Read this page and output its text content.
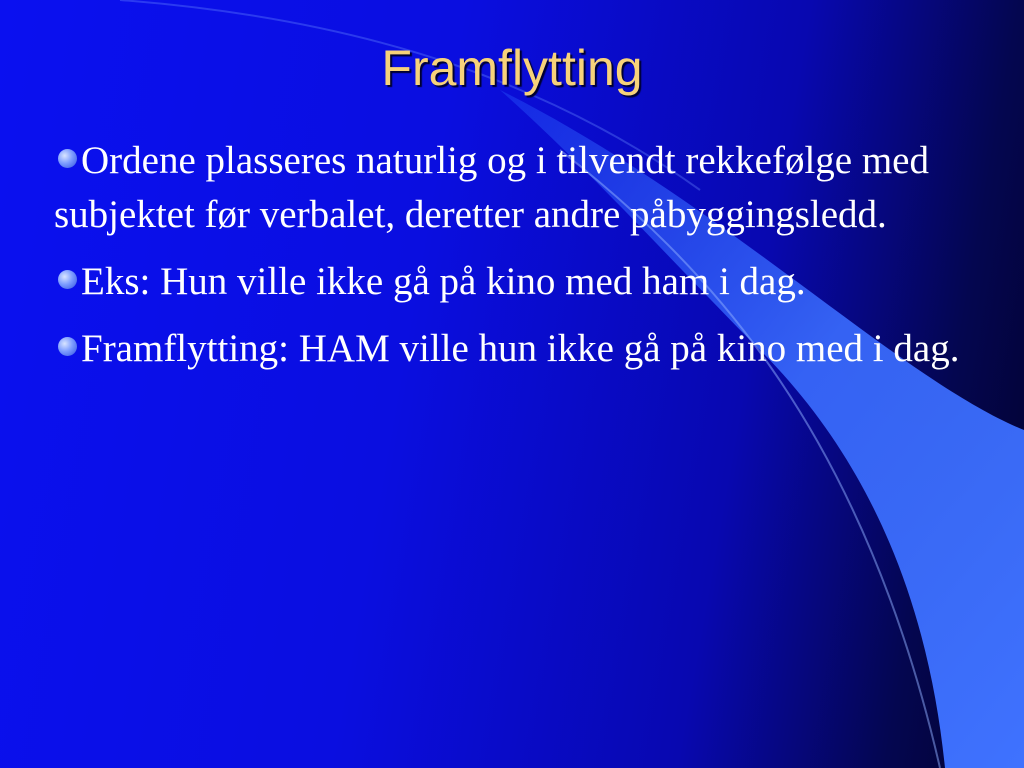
Framflytting
Ordene plasseres naturlig og i tilvendt rekkefølge med subjektet før verbalet, deretter andre påbyggingsledd.
Eks: Hun ville ikke gå på kino med ham i dag.
Framflytting: HAM ville hun ikke gå på kino med i dag.
